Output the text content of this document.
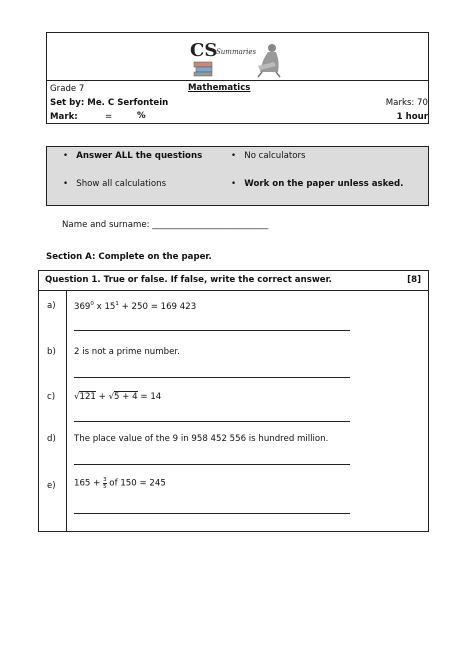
CS
Summaries
Grade 7	Mathematics
Set by: Me. C Serfontein	Marks: 70
Mark:	=	%	1 hour
•   Answer ALL the questions	•   No calculators
•   Show all calculations	•   Work on the paper unless asked.
Name and surname: ___________________________
Section A: Complete on the paper.
Question 1. True or false. If false, write the correct answer.	[8]
a) $369^0$ x $15^1 + 250 = 169$ 423
b) 2 is not a prime number.
c) √121 + √5 + 4 = 14
d) The place value of the 9 in 958 452 556 is hundred million.
e) $165 + \frac{3}{5}$ of 150 = 245
